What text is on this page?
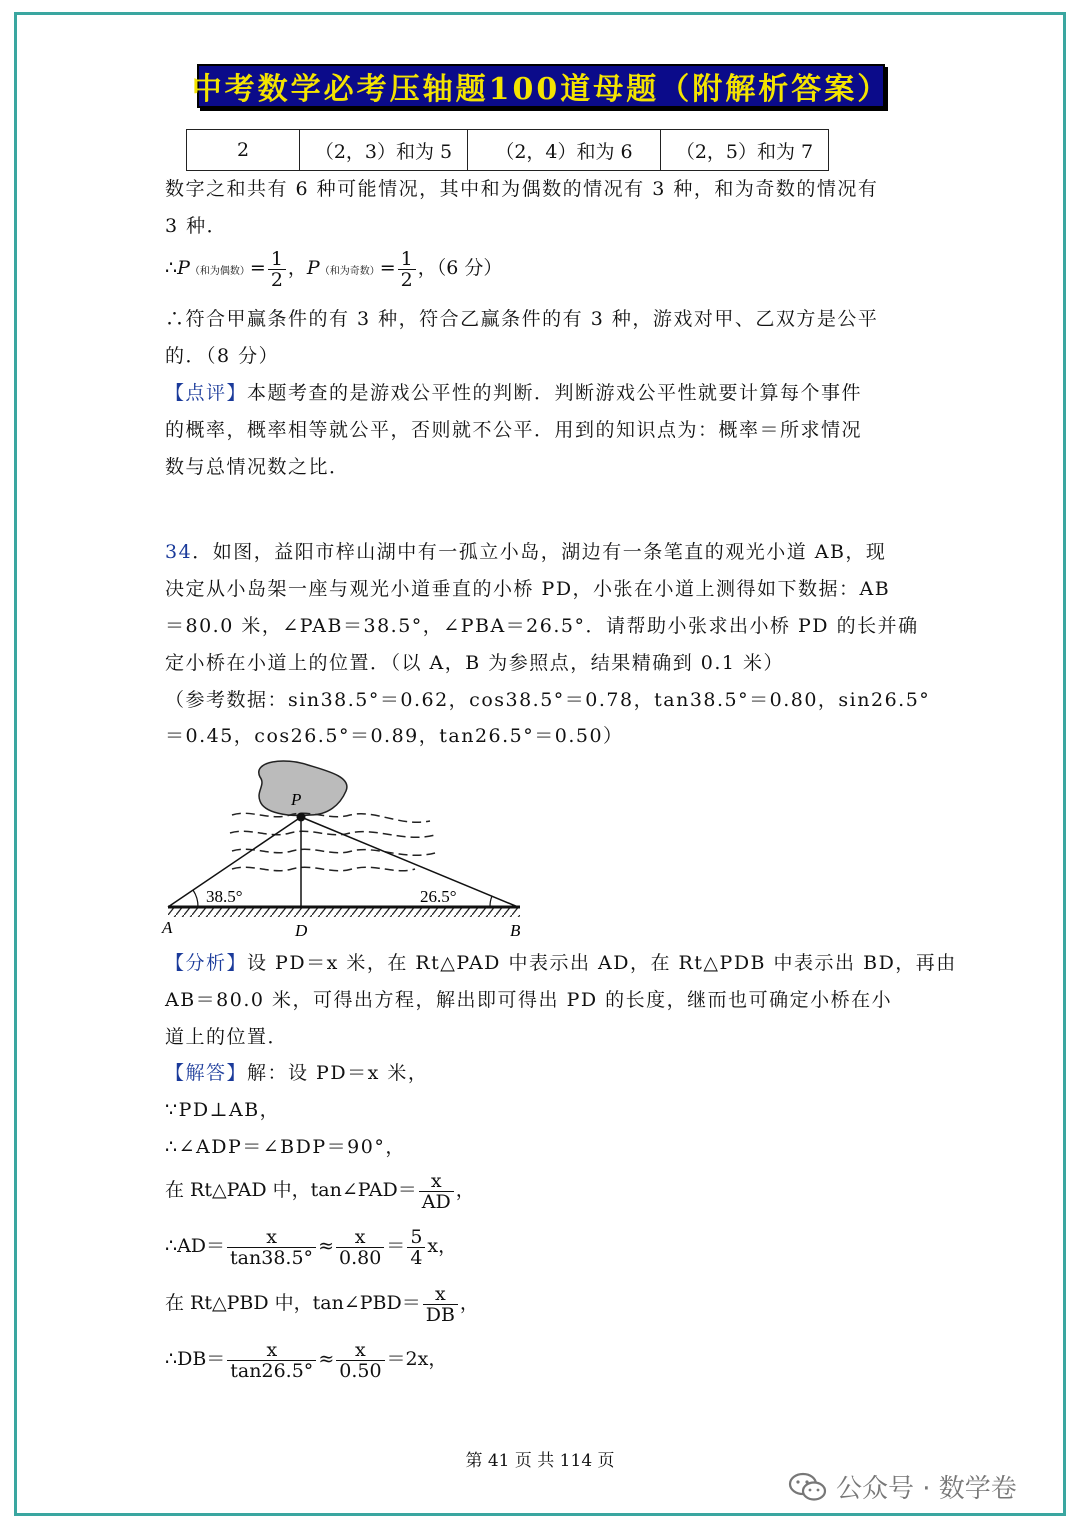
中考数学必考压轴题100道母题（附解析答案）
2	（2，3）和为 5	（2，4）和为 6	（2，5）和为 7
数字之和共有 6 种可能情况，其中和为偶数的情况有 3 种，和为奇数的情况有
3 种．
∴P（和为偶数）= $\frac{1}{2}$ ，P（和为奇数）= $\frac{1}{2}$ ，（6 分）
∴符合甲赢条件的有 3 种，符合乙赢条件的有 3 种，游戏对甲、乙双方是公平
的．（8 分）
【点评】本题考查的是游戏公平性的判断．判断游戏公平性就要计算每个事件
的概率，概率相等就公平，否则就不公平．用到的知识点为：概率＝所求情况
数与总情况数之比．
34．如图，益阳市梓山湖中有一孤立小岛，湖边有一条笔直的观光小道 AB，现
决定从小岛架一座与观光小道垂直的小桥 PD，小张在小道上测得如下数据：AB
＝80.0 米，∠PAB＝38.5°，∠PBA＝26.5°．请帮助小张求出小桥 PD 的长并确
定小桥在小道上的位置．（以 A，B 为参照点，结果精确到 0.1 米）
（参考数据：sin38.5°＝0.62，cos38.5°＝0.78，tan38.5°＝0.80，sin26.5°
＝0.45，cos26.5°＝0.89，tan26.5°＝0.50）
P
A	D	B
38.5°	26.5°
【分析】设 PD＝x 米，在 Rt△PAD 中表示出 AD，在 Rt△PDB 中表示出 BD，再由
AB＝80.0 米，可得出方程，解出即可得出 PD 的长度，继而也可确定小桥在小
道上的位置．
【解答】解：设 PD＝x 米，
∵PD⊥AB，
∴∠ADP＝∠BDP＝90°，
在 Rt△PAD 中，tan∠PAD＝ $\frac{x}{AD}$ ，
∴AD＝ $\frac{x}{\tan 38.5^\circ} \approx \frac{x}{0.80} = \frac{5}{4}$ x，
在 Rt△PBD 中，tan∠PBD＝ $\frac{x}{DB}$ ，
∴DB＝ $\frac{x}{\tan 26.5^\circ} \approx \frac{x}{0.50} =2x$，
第 41 页 共 114 页
公众号 · 数学卷
